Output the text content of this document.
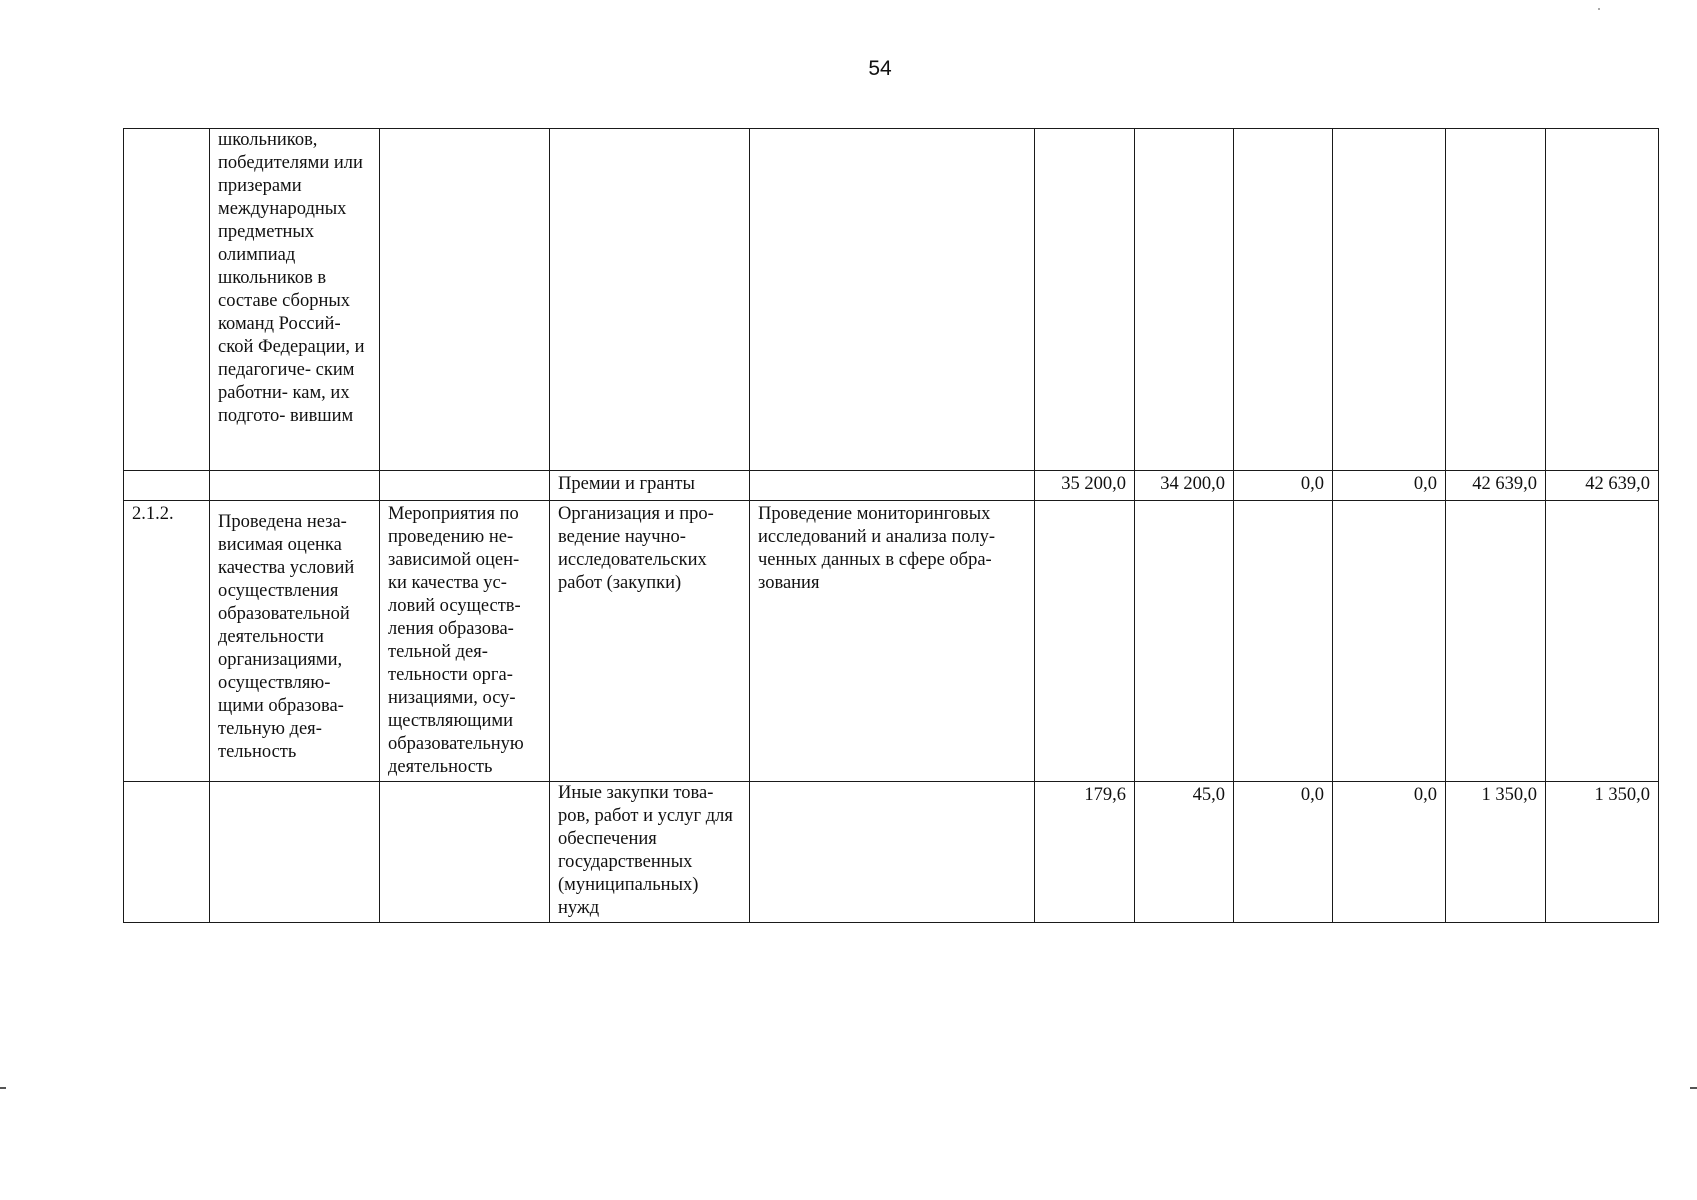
54
	школьников, победителями или призерами международных предметных олимпиад школьников в составе сборных команд Россий- ской Федерации, и педагогиче- ским работни- кам, их подгото- вившим									
			Премии и гранты		35 200,0	34 200,0	0,0	0,0	42 639,0	42 639,0
2.1.2.	Проведена неза- висимая оценка качества условий осуществления образовательной деятельности организациями, осуществляю- щими образова- тельную дея- тельность	Мероприятия по проведению не- зависимой оцен- ки качества ус- ловий осуществ- ления образова- тельной дея- тельности орга- низациями, осу- ществляющими образовательную деятельность	Организация и про- ведение научно- исследовательских работ (закупки)	Проведение мониторинговых исследований и анализа полу- ченных данных в сфере обра- зования						
			Иные закупки това- ров, работ и услуг для обеспечения государственных (муниципальных) нужд		179,6	45,0	0,0	0,0	1 350,0	1 350,0
